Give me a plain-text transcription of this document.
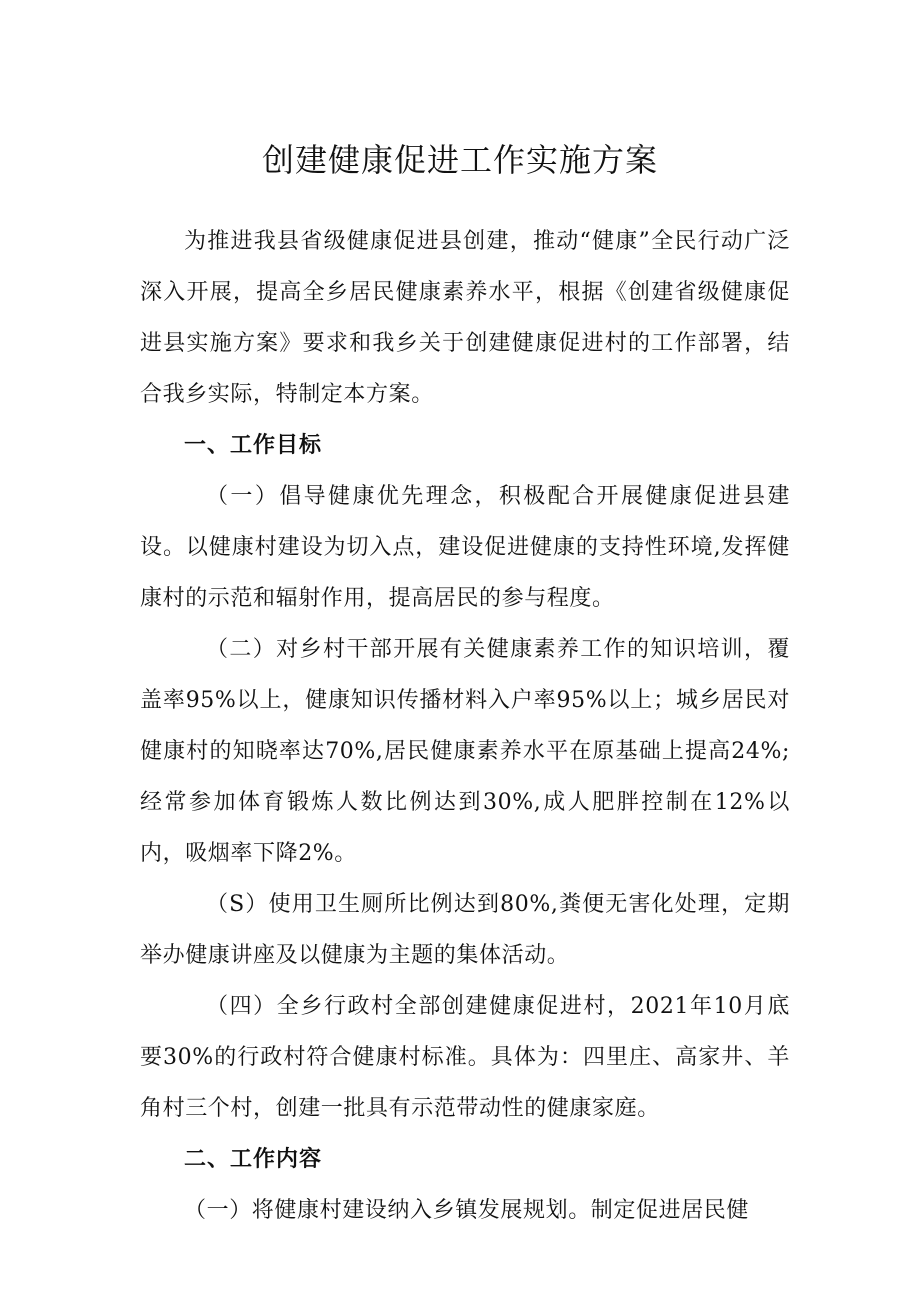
创建健康促进工作实施方案

为推进我县省级健康促进县创建，推动“健康”全民行动广泛深入开展，提高全乡居民健康素养水平，根据《创建省级健康促进县实施方案》要求和我乡关于创建健康促进村的工作部署，结合我乡实际，特制定本方案。

一、工作目标

（一）倡导健康优先理念，积极配合开展健康促进县建设。以健康村建设为切入点，建设促进健康的支持性环境,发挥健康村的示范和辐射作用，提高居民的参与程度。

（二）对乡村干部开展有关健康素养工作的知识培训，覆盖率95%以上，健康知识传播材料入户率95%以上；城乡居民对健康村的知晓率达70%,居民健康素养水平在原基础上提高24%;经常参加体育锻炼人数比例达到30%,成人肥胖控制在12%以内，吸烟率下降2%。

（S）使用卫生厕所比例达到80%,粪便无害化处理，定期举办健康讲座及以健康为主题的集体活动。

（四）全乡行政村全部创建健康促进村，2021年10月底要30%的行政村符合健康村标准。具体为：四里庄、高家井、羊角村三个村，创建一批具有示范带动性的健康家庭。

二、工作内容

（一）将健康村建设纳入乡镇发展规划。制定促进居民健
